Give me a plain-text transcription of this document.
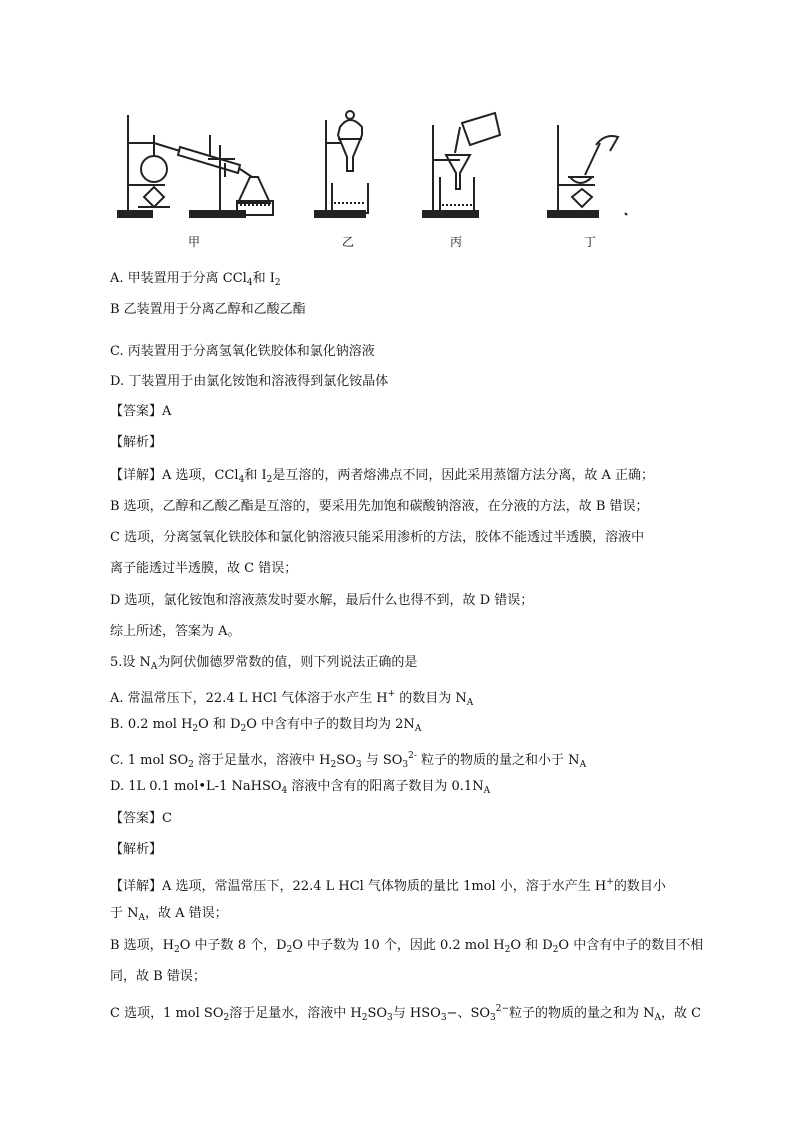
甲	乙	丙	丁
A. 甲装置用于分离 CCl$_4$和 $I_2$
B 乙装置用于分离乙醇和乙酸乙酯
C. 丙装置用于分离氢氧化铁胶体和氯化钠溶液
D. 丁装置用于由氯化铵饱和溶液得到氯化铵晶体
【答案】A
【解析】
【详解】A 选项，CCl$_4$和 $I_2$是互溶的，两者熔沸点不同，因此采用蒸馏方法分离，故 A 正确；
B 选项，乙醇和乙酸乙酯是互溶的，要采用先加饱和碳酸钠溶液，在分液的方法，故 B 错误；
C 选项，分离氢氧化铁胶体和氯化钠溶液只能采用渗析的方法，胶体不能透过半透膜，溶液中
离子能透过半透膜，故 C 错误；
D 选项，氯化铵饱和溶液蒸发时要水解，最后什么也得不到，故 D 错误；
综上所述，答案为 A。
5.设 $N_A$为阿伏伽德罗常数的值，则下列说法正确的是
A. 常温常压下，22.4 L HCl 气体溶于水产生 H+ 的数目为 $N_A$
B. 0.2 mol $H_2O$ 和 $D_2O$ 中含有中子的数目均为 $2N_A$
C. 1 mol $SO_2$ 溶于足量水，溶液中 $H_2SO_3$ 与 $SO_3^{2-}$ 粒子的物质的量之和小于 $N_A$
D. 1L 0.1 mol•L-1 NaHSO$_4$ 溶液中含有的阳离子数目为 $0.1N_A$
【答案】C
【解析】
【详解】A 选项，常温常压下，22.4 L HCl 气体物质的量比 1mol 小，溶于水产生 H+的数目小
于 $N_A$，故 A 错误；
B 选项，$H_2O$ 中子数 8 个，$D_2O$ 中子数为 10 个，因此 0.2 mol $H_2O$ 和 $D_2O$ 中含有中子的数目不相
同，故 B 错误；
C 选项，1 mol $SO_2$溶于足量水，溶液中 $H_2SO_3$与 $HSO_3-$、$SO_3^{2-}$粒子的物质的量之和为 $N_A$，故 C
